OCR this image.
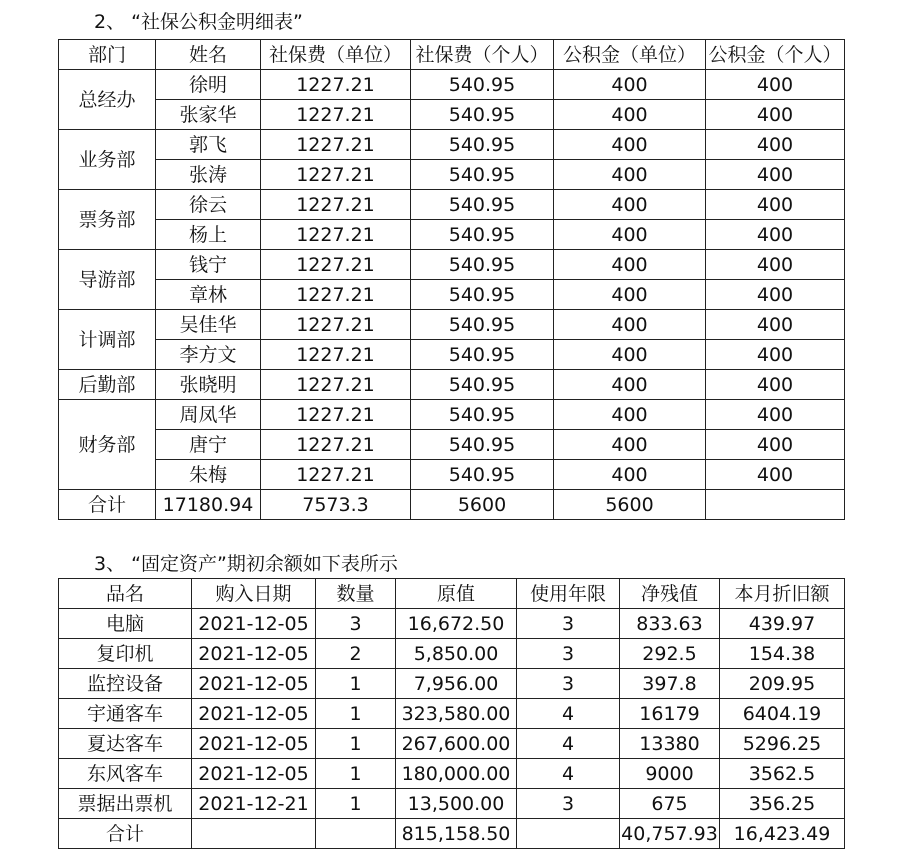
2、 “社保公积金明细表”
部门	姓名	社保费（单位）	社保费（个人）	公积金（单位）	公积金（个人）
总经办	徐明	1227.21	540.95	400	400
	张家华	1227.21	540.95	400	400
业务部	郭飞	1227.21	540.95	400	400
	张涛	1227.21	540.95	400	400
票务部	徐云	1227.21	540.95	400	400
	杨上	1227.21	540.95	400	400
导游部	钱宁	1227.21	540.95	400	400
	章林	1227.21	540.95	400	400
计调部	吴佳华	1227.21	540.95	400	400
	李方文	1227.21	540.95	400	400
后勤部	张晓明	1227.21	540.95	400	400
财务部	周凤华	1227.21	540.95	400	400
	唐宁	1227.21	540.95	400	400
	朱梅	1227.21	540.95	400	400
合计	17180.94	7573.3	5600	5600	
3、 “固定资产”期初余额如下表所示
品名	购入日期	数量	原值	使用年限	净残值	本月折旧额
电脑	2021-12-05	3	16,672.50	3	833.63	439.97
复印机	2021-12-05	2	5,850.00	3	292.5	154.38
监控设备	2021-12-05	1	7,956.00	3	397.8	209.95
宇通客车	2021-12-05	1	323,580.00	4	16179	6404.19
夏达客车	2021-12-05	1	267,600.00	4	13380	5296.25
东风客车	2021-12-05	1	180,000.00	4	9000	3562.5
票据出票机	2021-12-21	1	13,500.00	3	675	356.25
合计			815,158.50		40,757.93	16,423.49
